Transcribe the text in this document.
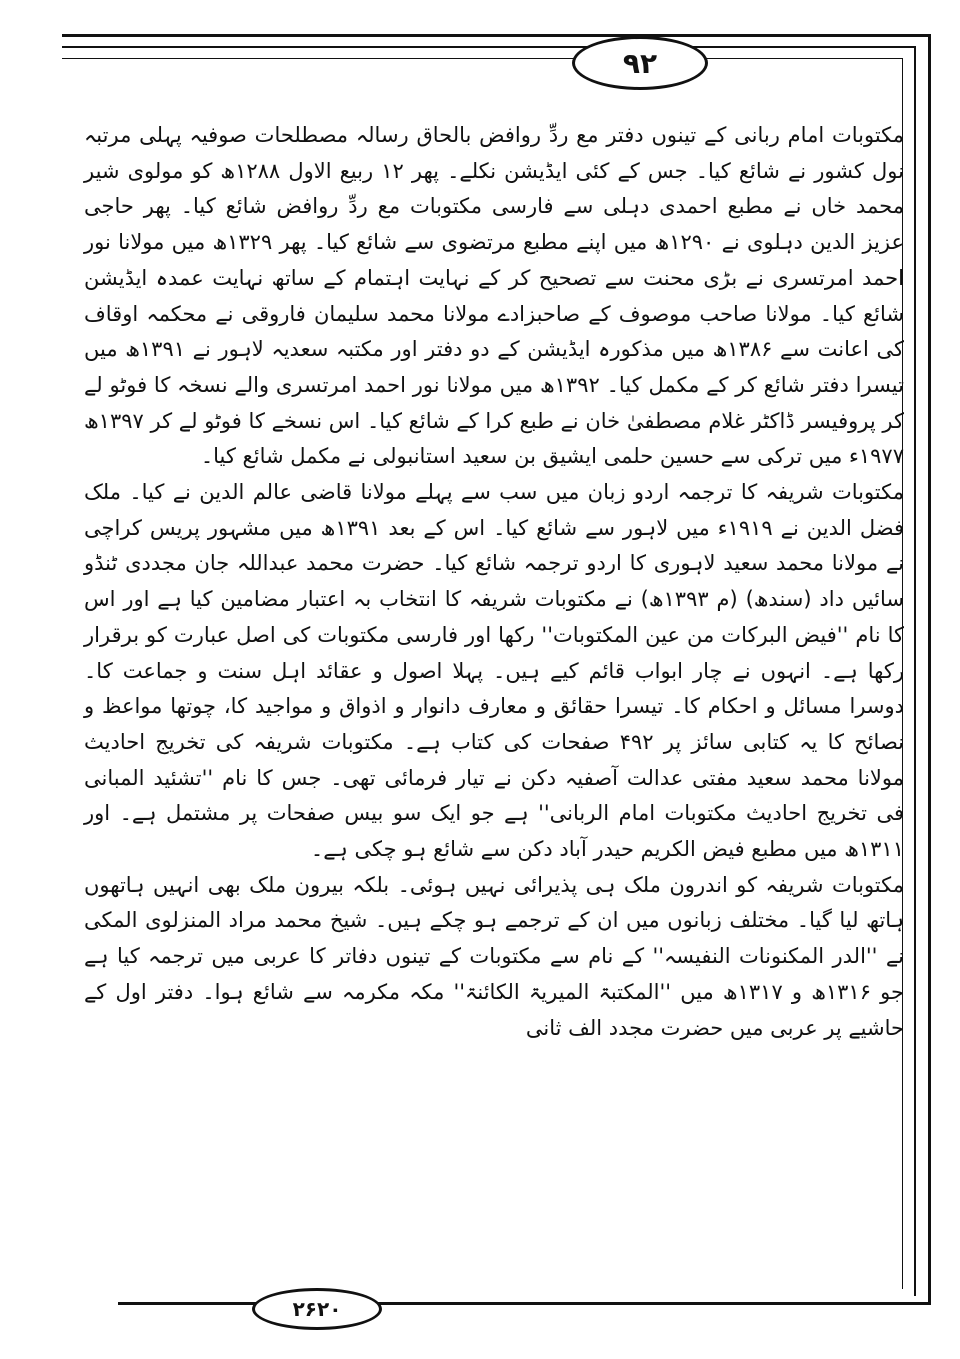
۹۲

مکتوبات امام ربانی کے تینوں دفتر مع ردِّ روافض بالحاق رسالہ مصطلحات صوفیہ پہلی مرتبہ نول کشور نے شائع کیا۔ جس کے کئی ایڈیشن نکلے۔ پھر ۱۲ ربیع الاول ۱۲۸۸ھ کو مولوی شیر محمد خاں نے مطبع احمدی دہلی سے فارسی مکتوبات مع ردِّ روافض شائع کیا۔ پھر حاجی عزیز الدین دہلوی نے ۱۲۹۰ھ میں اپنے مطبع مرتضوی سے شائع کیا۔ پھر ۱۳۲۹ھ میں مولانا نور احمد امرتسری نے بڑی محنت سے تصحیح کر کے نہایت اہتمام کے ساتھ نہایت عمدہ ایڈیشن شائع کیا۔ مولانا صاحب موصوف کے صاحبزادے مولانا محمد سلیمان فاروقی نے محکمہ اوقاف کی اعانت سے ۱۳۸۶ھ میں مذکورہ ایڈیشن کے دو دفتر اور مکتبہ سعدیہ لاہور نے ۱۳۹۱ھ میں تیسرا دفتر شائع کر کے مکمل کیا۔ ۱۳۹۲ھ میں مولانا نور احمد امرتسری والے نسخہ کا فوٹو لے کر پروفیسر ڈاکٹر غلام مصطفیٰ خان نے طبع کرا کے شائع کیا۔ اس نسخے کا فوٹو لے کر ۱۳۹۷ھ ۱۹۷۷ء میں ترکی سے حسین حلمی ایشیق بن سعید استانبولی نے مکمل شائع کیا۔

مکتوبات شریفہ کا ترجمہ اردو زبان میں سب سے پہلے مولانا قاضی عالم الدین نے کیا۔ ملک فضل الدین نے ۱۹۱۹ء میں لاہور سے شائع کیا۔ اس کے بعد ۱۳۹۱ھ میں مشہور پریس کراچی نے مولانا محمد سعید لاہوری کا اردو ترجمہ شائع کیا۔ حضرت محمد عبداللہ جان مجددی ٹنڈو سائیں داد (سندھ) (م ۱۳۹۳ھ) نے مکتوبات شریفہ کا انتخاب بہ اعتبار مضامین کیا ہے اور اس کا نام ''فیض البرکات من عین المکتوبات'' رکھا اور فارسی مکتوبات کی اصل عبارت کو برقرار رکھا ہے۔ انہوں نے چار ابواب قائم کیے ہیں۔ پہلا اصول و عقائد اہل سنت و جماعت کا۔ دوسرا مسائل و احکام کا۔ تیسرا حقائق و معارف دانوار و اذواق و مواجید کا، چوتھا مواعظ و نصائح کا یہ کتابی سائز پر ۴۹۲ صفحات کی کتاب ہے۔ مکتوبات شریفہ کی تخریج احادیث مولانا محمد سعید مفتی عدالت آصفیہ دکن نے تیار فرمائی تھی۔ جس کا نام ''تشئید المبانی فی تخریج احادیث مکتوبات امام الربانی'' ہے جو ایک سو بیس صفحات پر مشتمل ہے۔ اور ۱۳۱۱ھ میں مطبع فیض الکریم حیدر آباد دکن سے شائع ہو چکی ہے۔

مکتوبات شریفہ کو اندرون ملک ہی پذیرائی نہیں ہوئی۔ بلکہ بیرون ملک بھی انہیں ہاتھوں ہاتھ لیا گیا۔ مختلف زبانوں میں ان کے ترجمے ہو چکے ہیں۔ شیخ محمد مراد المنزلوی المکی نے ''الدر المکنونات النفیسہ'' کے نام سے مکتوبات کے تینوں دفاتر کا عربی میں ترجمہ کیا ہے جو ۱۳۱۶ھ و ۱۳۱۷ھ میں ''المکتبۃ المیریۃ الکائنۃ'' مکہ مکرمہ سے شائع ہوا۔ دفتر اول کے حاشیے پر عربی میں حضرت مجدد الف ثانی

۲۶۲۰
